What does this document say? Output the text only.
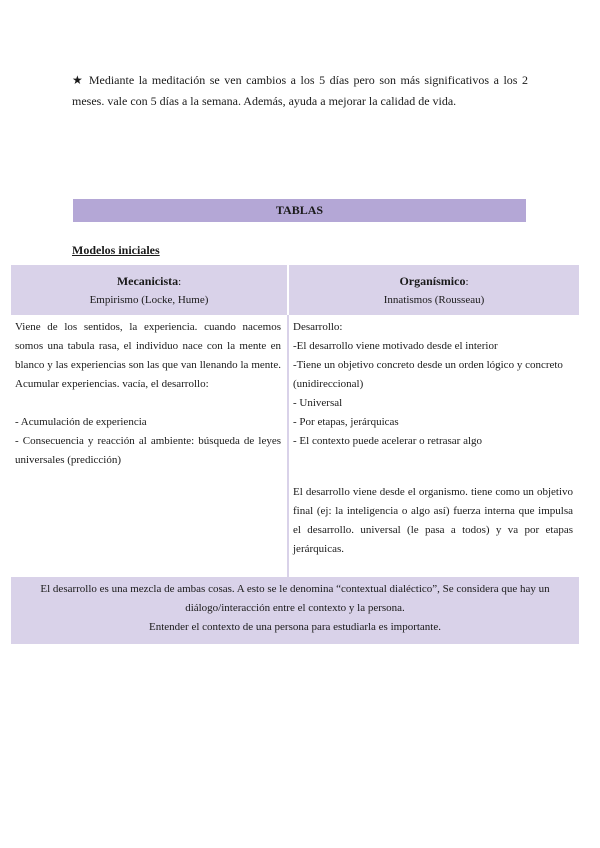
★ Mediante la meditación se ven cambios a los 5 días pero son más significativos a los 2 meses. vale con 5 días a la semana. Además, ayuda a mejorar la calidad de vida.
TABLAS
Modelos iniciales
Mecanicista:
Empirismo (Locke, Hume)
Organísmico:
Innatismos (Rousseau)

Viene de los sentidos, la experiencia. cuando nacemos somos una tabula rasa, el individuo nace con la mente en blanco y las experiencias son las que van llenando la mente. Acumular experiencias. vacía, el desarrollo:

- Acumulación de experiencia

- Consecuencia y reacción al ambiente: búsqueda de leyes universales (predicción)

Desarrollo:

-El desarrollo viene motivado desde el interior

-Tiene un objetivo concreto desde un orden lógico y concreto (unidireccional)

- Universal

- Por etapas, jerárquicas

- El contexto puede acelerar o retrasar algo

El desarrollo viene desde el organismo. tiene como un objetivo final (ej: la inteligencia o algo así) fuerza interna que impulsa el desarrollo. universal (le pasa a todos) y va por etapas jerárquicas.

El desarrollo es una mezcla de ambas cosas. A esto se le denomina “contextual dialéctico”, Se considera que hay un diálogo/interacción entre el contexto y la persona.
Entender el contexto de una persona para estudiarla es importante.
